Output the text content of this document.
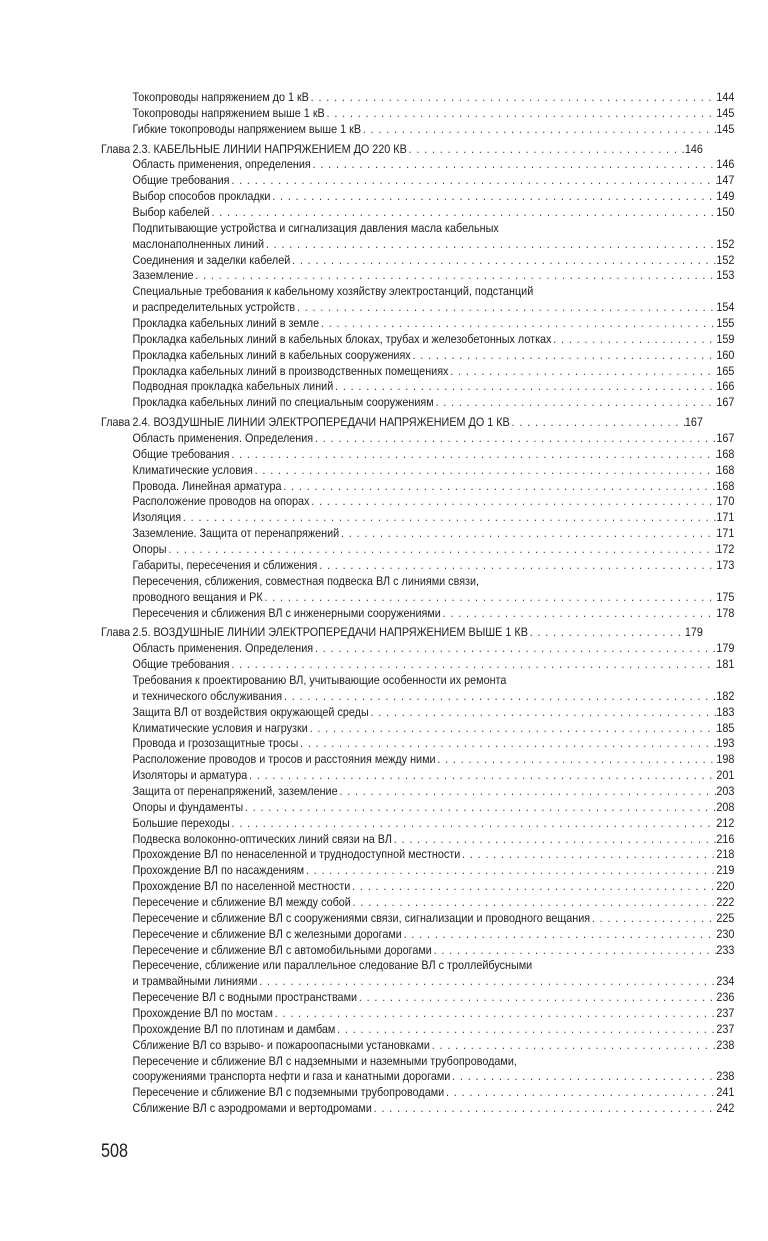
Токопроводы напряжением до 1 кВ . . .	144
Токопроводы напряжением выше 1 кВ . . .	145
Гибкие токопроводы напряжением выше 1 кВ . . .	145
Глава 2.3. КАБЕЛЬНЫЕ ЛИНИИ НАПРЯЖЕНИЕМ ДО 220 КВ . . .	146
Область применения, определения . . .	146
Общие требования . . .	147
Выбор способов прокладки . . .	149
Выбор кабелей . . .	150
Подпитывающие устройства и сигнализация давления масла кабельных
маслонаполненных линий . . .	152
Соединения и заделки кабелей . . .	152
Заземление . . .	153
Специальные требования к кабельному хозяйству электростанций, подстанций
и распределительных устройств . . .	154
Прокладка кабельных линий в земле . . .	155
Прокладка кабельных линий в кабельных блоках, трубах и железобетонных лотках . . .	159
Прокладка кабельных линий в кабельных сооружениях . . .	160
Прокладка кабельных линий в производственных помещениях . . .	165
Подводная прокладка кабельных линий . . .	166
Прокладка кабельных линий по специальным сооружениям . . .	167
Глава 2.4. ВОЗДУШНЫЕ ЛИНИИ ЭЛЕКТРОПЕРЕДАЧИ НАПРЯЖЕНИЕМ ДО 1 КВ . . .	167
Область применения. Определения . . .	167
Общие требования . . .	168
Климатические условия . . .	168
Провода. Линейная арматура . . .	168
Расположение проводов на опорах . . .	170
Изоляция . . .	171
Заземление. Защита от перенапряжений . . .	171
Опоры . . .	172
Габариты, пересечения и сближения . . .	173
Пересечения, сближения, совместная подвеска ВЛ с линиями связи,
проводного вещания и РК . . .	175
Пересечения и сближения ВЛ с инженерными сооружениями . . .	178
Глава 2.5. ВОЗДУШНЫЕ ЛИНИИ ЭЛЕКТРОПЕРЕДАЧИ НАПРЯЖЕНИЕМ ВЫШЕ 1 КВ . . .	179
Область применения. Определения . . .	179
Общие требования . . .	181
Требования к проектированию ВЛ, учитывающие особенности их ремонта
и технического обслуживания . . .	182
Защита ВЛ от воздействия окружающей среды . . .	183
Климатические условия и нагрузки . . .	185
Провода и грозозащитные тросы . . .	193
Расположение проводов и тросов и расстояния между ними . . .	198
Изоляторы и арматура . . .	201
Защита от перенапряжений, заземление . . .	203
Опоры и фундаменты . . .	208
Большие переходы . . .	212
Подвеска волоконно-оптических линий связи на ВЛ . . .	216
Прохождение ВЛ по ненаселенной и труднодоступной местности . . .	218
Прохождение ВЛ по насаждениям . . .	219
Прохождение ВЛ по населенной местности . . .	220
Пересечение и сближение ВЛ между собой . . .	222
Пересечение и сближение ВЛ с сооружениями связи, сигнализации и проводного вещания . . .	225
Пересечение и сближение ВЛ с железными дорогами . . .	230
Пересечение и сближение ВЛ с автомобильными дорогами . . .	233
Пересечение, сближение или параллельное следование ВЛ с троллейбусными
и трамвайными линиями . . .	234
Пересечение ВЛ с водными пространствами . . .	236
Прохождение ВЛ по мостам . . .	237
Прохождение ВЛ по плотинам и дамбам . . .	237
Сближение ВЛ со взрыво- и пожароопасными установками . . .	238
Пересечение и сближение ВЛ с надземными и наземными трубопроводами,
сооружениями транспорта нефти и газа и канатными дорогами . . .	238
Пересечение и сближение ВЛ с подземными трубопроводами . . .	241
Сближение ВЛ с аэродромами и вертодромами . . .	242
508
